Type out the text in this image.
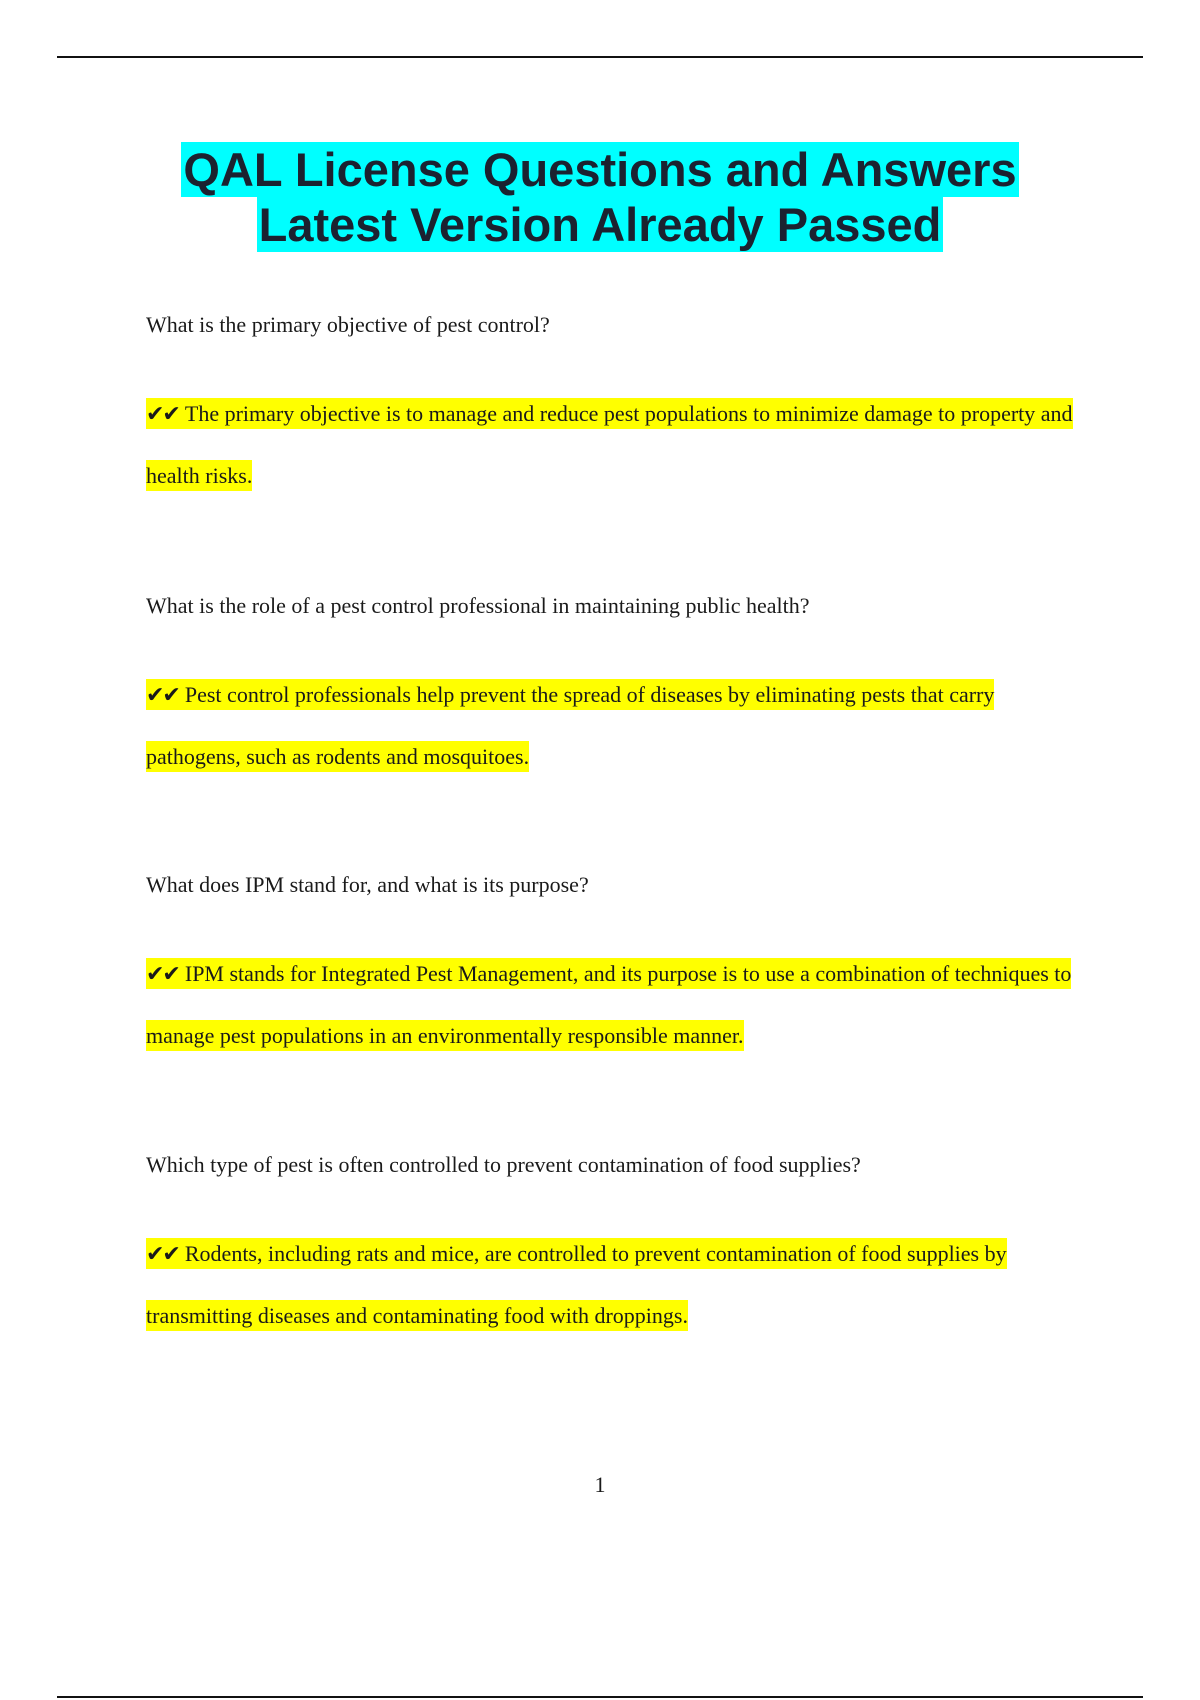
QAL License Questions and Answers
Latest Version Already Passed

What is the primary objective of pest control?

✔✔ The primary objective is to manage and reduce pest populations to minimize damage to property and health risks.

What is the role of a pest control professional in maintaining public health?

✔✔ Pest control professionals help prevent the spread of diseases by eliminating pests that carry pathogens, such as rodents and mosquitoes.

What does IPM stand for, and what is its purpose?

✔✔ IPM stands for Integrated Pest Management, and its purpose is to use a combination of techniques to manage pest populations in an environmentally responsible manner.

Which type of pest is often controlled to prevent contamination of food supplies?

✔✔ Rodents, including rats and mice, are controlled to prevent contamination of food supplies by transmitting diseases and contaminating food with droppings.

1
